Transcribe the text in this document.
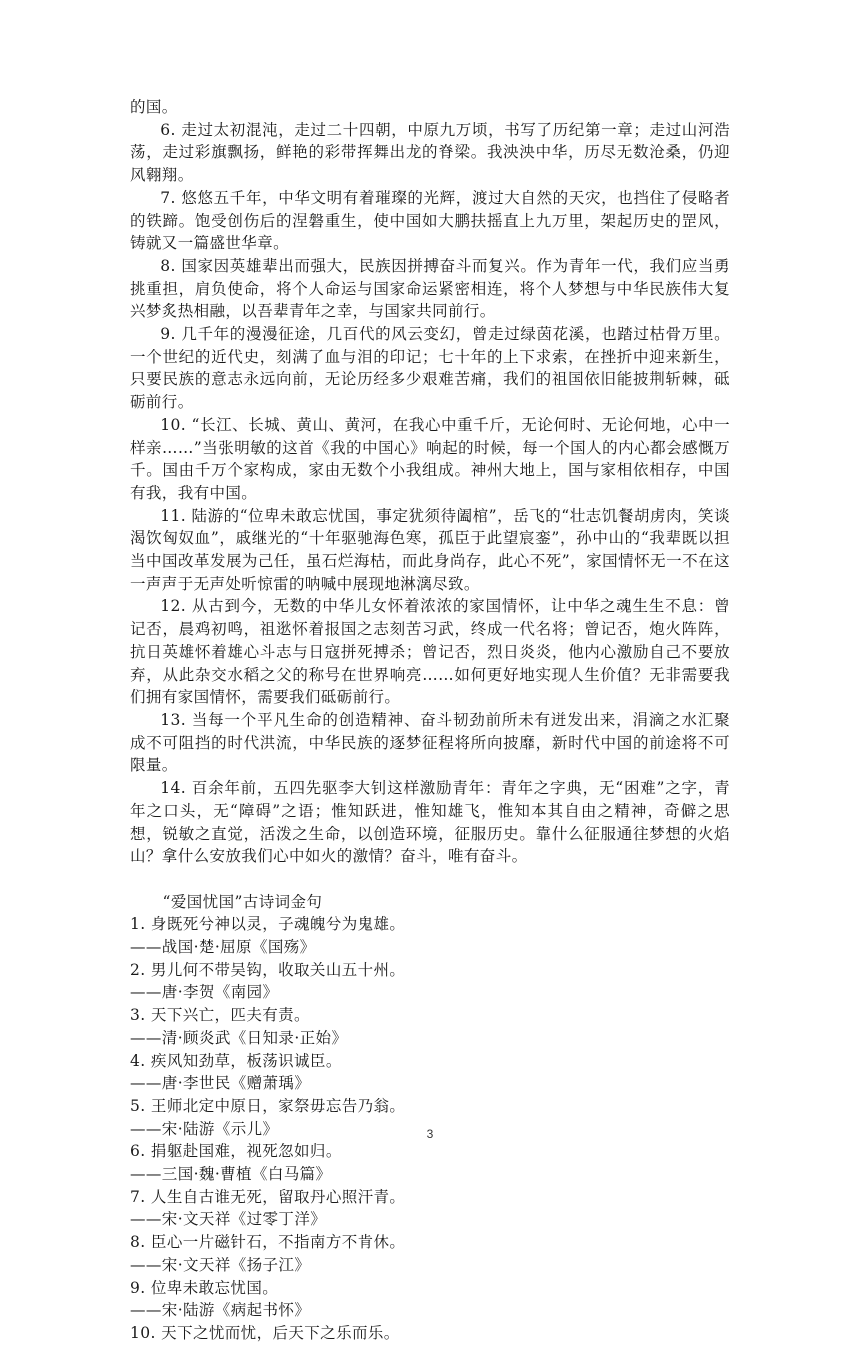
的国。

6. 走过太初混沌，走过二十四朝，中原九万顷，书写了历纪第一章；走过山河浩荡，走过彩旗飘扬，鲜艳的彩带挥舞出龙的脊梁。我泱泱中华，历尽无数沧桑，仍迎风翱翔。

7. 悠悠五千年，中华文明有着璀璨的光辉，渡过大自然的天灾，也挡住了侵略者的铁蹄。饱受创伤后的涅磐重生，使中国如大鹏扶摇直上九万里，架起历史的罡风，铸就又一篇盛世华章。

8. 国家因英雄辈出而强大，民族因拼搏奋斗而复兴。作为青年一代，我们应当勇挑重担，肩负使命，将个人命运与国家命运紧密相连，将个人梦想与中华民族伟大复兴梦炙热相融，以吾辈青年之幸，与国家共同前行。

9. 几千年的漫漫征途，几百代的风云变幻，曾走过绿茵花溪，也踏过枯骨万里。一个世纪的近代史，刻满了血与泪的印记；七十年的上下求索，在挫折中迎来新生，只要民族的意志永远向前，无论历经多少艰难苦痛，我们的祖国依旧能披荆斩棘，砥砺前行。

10. “长江、长城、黄山、黄河，在我心中重千斤，无论何时、无论何地，心中一样亲……”当张明敏的这首《我的中国心》响起的时候，每一个国人的内心都会感慨万千。国由千万个家构成，家由无数个小我组成。神州大地上，国与家相依相存，中国有我，我有中国。

11. 陆游的“位卑未敢忘忧国，事定犹须待阖棺”，岳飞的“壮志饥餐胡虏肉，笑谈渴饮匈奴血”，戚继光的“十年驱驰海色寒，孤臣于此望宸銮”，孙中山的“我辈既以担当中国改革发展为己任，虽石烂海枯，而此身尚存，此心不死”，家国情怀无一不在这一声声于无声处听惊雷的呐喊中展现地淋漓尽致。

12. 从古到今，无数的中华儿女怀着浓浓的家国情怀，让中华之魂生生不息：曾记否，晨鸡初鸣，祖逖怀着报国之志刻苦习武，终成一代名将；曾记否，炮火阵阵，抗日英雄怀着雄心斗志与日寇拼死搏杀；曾记否，烈日炎炎，他内心激励自己不要放弃，从此杂交水稻之父的称号在世界响亮……如何更好地实现人生价值？无非需要我们拥有家国情怀，需要我们砥砺前行。

13. 当每一个平凡生命的创造精神、奋斗韧劲前所未有迸发出来，涓滴之水汇聚成不可阻挡的时代洪流，中华民族的逐梦征程将所向披靡，新时代中国的前途将不可限量。

14. 百余年前，五四先驱李大钊这样激励青年：青年之字典，无“困难”之字，青年之口头，无“障碍”之语；惟知跃进，惟知雄飞，惟知本其自由之精神，奇僻之思想，锐敏之直觉，活泼之生命，以创造环境，征服历史。靠什么征服通往梦想的火焰山？拿什么安放我们心中如火的激情？奋斗，唯有奋斗。

“爱国忧国”古诗词金句

1. 身既死兮神以灵，子魂魄兮为鬼雄。

——战国·楚·屈原《国殇》

2. 男儿何不带吴钩，收取关山五十州。

——唐·李贺《南园》

3. 天下兴亡，匹夫有责。

——清·顾炎武《日知录·正始》

4. 疾风知劲草，板荡识诚臣。

——唐·李世民《赠萧瑀》

5. 王师北定中原日，家祭毋忘告乃翁。

——宋·陆游《示儿》

6. 捐躯赴国难，视死忽如归。

——三国·魏·曹植《白马篇》

7. 人生自古谁无死，留取丹心照汗青。

——宋·文天祥《过零丁洋》

8. 臣心一片磁针石，不指南方不肯休。

——宋·文天祥《扬子江》

9. 位卑未敢忘忧国。

——宋·陆游《病起书怀》

10. 天下之忧而忧，后天下之乐而乐。

3
